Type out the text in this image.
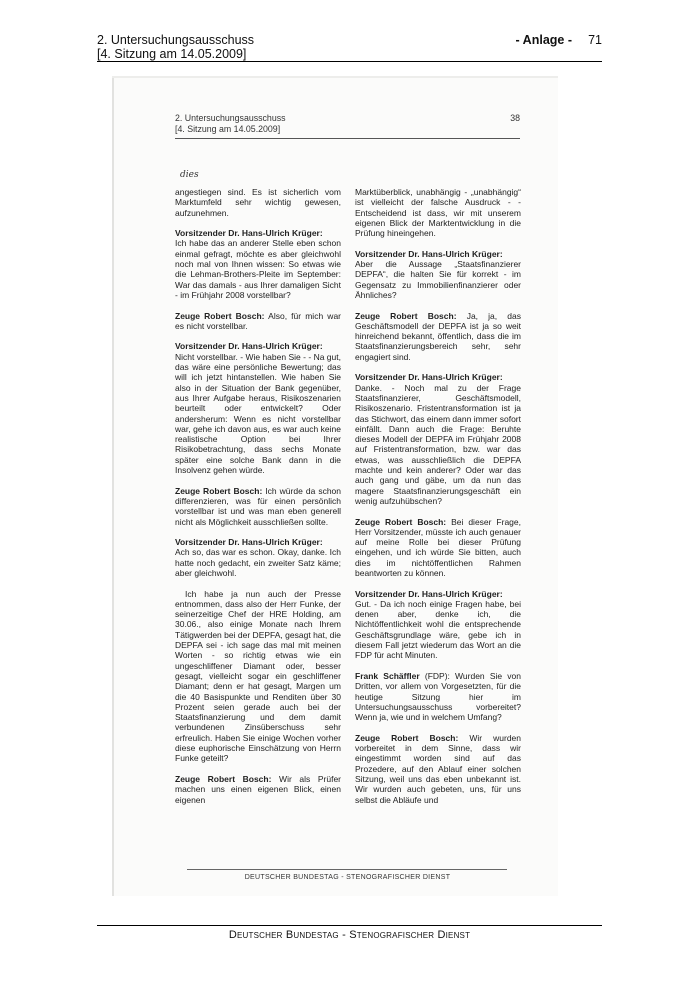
2. Untersuchungsausschuss
[4. Sitzung am 14.05.2009]
- Anlage - 71
2. Untersuchungsausschuss
[4. Sitzung am 14.05.2009]
38
dies

angestiegen sind. Es ist sicherlich vom Marktumfeld sehr wichtig gewesen, aufzunehmen.

Vorsitzender Dr. Hans-Ulrich Krüger:
Ich habe das an anderer Stelle eben schon einmal gefragt, möchte es aber gleichwohl noch mal von Ihnen wissen: So etwas wie die Lehman-Brothers-Pleite im September: War das damals - aus Ihrer damaligen Sicht - im Frühjahr 2008 vorstellbar?

Zeuge Robert Bosch: Also, für mich war es nicht vorstellbar.

Vorsitzender Dr. Hans-Ulrich Krüger:
Nicht vorstellbar. - Wie haben Sie - - Na gut, das wäre eine persönliche Bewertung; das will ich jetzt hintanstellen. Wie haben Sie also in der Situation der Bank gegenüber, aus Ihrer Aufgabe heraus, Risikoszenarien beurteilt oder entwickelt? Oder andersherum: Wenn es nicht vorstellbar war, gehe ich davon aus, es war auch keine realistische Option bei Ihrer Risikobetrachtung, dass sechs Monate später eine solche Bank dann in die Insolvenz gehen würde.

Zeuge Robert Bosch: Ich würde da schon differenzieren, was für einen persönlich vorstellbar ist und was man eben generell nicht als Möglichkeit ausschließen sollte.

Vorsitzender Dr. Hans-Ulrich Krüger:
Ach so, das war es schon. Okay, danke. Ich hatte noch gedacht, ein zweiter Satz käme; aber gleichwohl.

Ich habe ja nun auch der Presse entnommen, dass also der Herr Funke, der seinerzeitige Chef der HRE Holding, am 30.06., also einige Monate nach Ihrem Tätigwerden bei der DEPFA, gesagt hat, die DEPFA sei - ich sage das mal mit meinen Worten - so richtig etwas wie ein ungeschliffener Diamant oder, besser gesagt, vielleicht sogar ein geschliffener Diamant; denn er hat gesagt, Margen um die 40 Basispunkte und Renditen über 30 Prozent seien gerade auch bei der Staatsfinanzierung und dem damit verbundenen Zinsüberschuss sehr erfreulich. Haben Sie einige Wochen vorher diese euphorische Einschätzung von Herrn Funke geteilt?

Zeuge Robert Bosch: Wir als Prüfer machen uns einen eigenen Blick, einen eigenen

Marktüberblick, unabhängig - „unabhängig“ ist vielleicht der falsche Ausdruck - - Entscheidend ist dass, wir mit unserem eigenen Blick der Marktentwicklung in die Prüfung hineingehen.

Vorsitzender Dr. Hans-Ulrich Krüger:
Aber die Aussage „Staatsfinanzierer DEPFA“, die halten Sie für korrekt - im Gegensatz zu Immobilienfinanzierer oder Ähnliches?

Zeuge Robert Bosch: Ja, ja, das Geschäftsmodell der DEPFA ist ja so weit hinreichend bekannt, öffentlich, dass die im Staatsfinanzierungsbereich sehr, sehr engagiert sind.

Vorsitzender Dr. Hans-Ulrich Krüger:
Danke. - Noch mal zu der Frage Staatsfinanzierer, Geschäftsmodell, Risikoszenario. Fristentransformation ist ja das Stichwort, das einem dann immer sofort einfällt. Dann auch die Frage: Beruhte dieses Modell der DEPFA im Frühjahr 2008 auf Fristentransformation, bzw. war das etwas, was ausschließlich die DEPFA machte und kein anderer? Oder war das auch gang und gäbe, um da nun das magere Staatsfinanzierungsgeschäft ein wenig aufzuhübschen?

Zeuge Robert Bosch: Bei dieser Frage, Herr Vorsitzender, müsste ich auch genauer auf meine Rolle bei dieser Prüfung eingehen, und ich würde Sie bitten, auch dies im nichtöffentlichen Rahmen beantworten zu können.

Vorsitzender Dr. Hans-Ulrich Krüger:
Gut. - Da ich noch einige Fragen habe, bei denen aber, denke ich, die Nichtöffentlichkeit wohl die entsprechende Geschäftsgrundlage wäre, gebe ich in diesem Fall jetzt wiederum das Wort an die FDP für acht Minuten.

Frank Schäffler (FDP): Wurden Sie von Dritten, vor allem von Vorgesetzten, für die heutige Sitzung hier im Untersuchungsausschuss vorbereitet? Wenn ja, wie und in welchem Umfang?

Zeuge Robert Bosch: Wir wurden vorbereitet in dem Sinne, dass wir eingestimmt worden sind auf das Prozedere, auf den Ablauf einer solchen Sitzung, weil uns das eben unbekannt ist. Wir wurden auch gebeten, uns, für uns selbst die Abläufe und

DEUTSCHER BUNDESTAG - STENOGRAFISCHER DIENST
Deutscher Bundestag - Stenografischer Dienst
